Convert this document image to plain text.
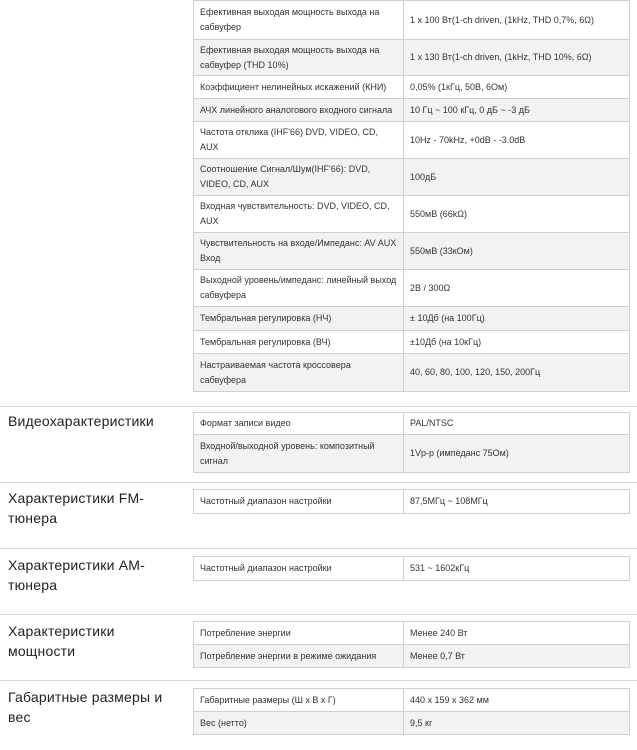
Ефективная выходая мощность выхода на сабвуфер	1 x 100 Вт(1-ch driven, (1kHz, THD 0,7%, 6Ω)
Ефективная выходая мощность выхода на сабвуфер (THD 10%)	1 x 130 Вт(1-ch driven, (1kHz, THD 10%, 6Ω)
Коэффициент нелинейных искажений (КНИ)	0,05% (1кГц, 50В, 6Ом)
АЧХ линейного аналогового входного сигнала	10 Гц ~ 100 кГц, 0 дБ ~ -3 дБ
Частота отклика (IHF'66) DVD, VIDEO, CD, AUX	10Hz - 70kHz, +0dB - -3.0dB
Соотношение Сигнал/Шум(IHF'66): DVD, VIDEO, CD, AUX	100дБ
Входная чувствительность: DVD, VIDEO, CD, AUX	550мВ (66kΩ)
Чувствительность на входе/Импеданс: AV AUX Вход	550мВ (33кОм)
Выходной уровень/импеданс: линейный выход сабвуфера	2В / 300Ω
Тембральная регулировка (НЧ)	± 10Дб (на 100Гц)
Тембральная регулировка (ВЧ)	±10Дб (на 10кГц)
Настраиваемая частота кроссовера сабвуфера	40, 60, 80, 100, 120, 150, 200Гц
Видеохарактеристики	Формат записи видео	PAL/NTSC
Входной/выходной уровень: композитный сигнал	1Vp-p (импеданс 75Ом)
Характеристики FM-тюнера
Частотный диапазон настройки	87,5МГц ~ 108МГц
Характеристики АМ-тюнера
Частотный диапазон настройки	531 ~ 1602кГц
Характеристики мощности
Потребление энергии	Менее 240 Вт
Потребление энергии в режиме ожидания	Менее 0,7 Вт
Габаритные размеры и вес
Габаритные размеры (Ш х В х Г)	440 х 159 х 362 мм
Вес (нетто)	9,5 кг
